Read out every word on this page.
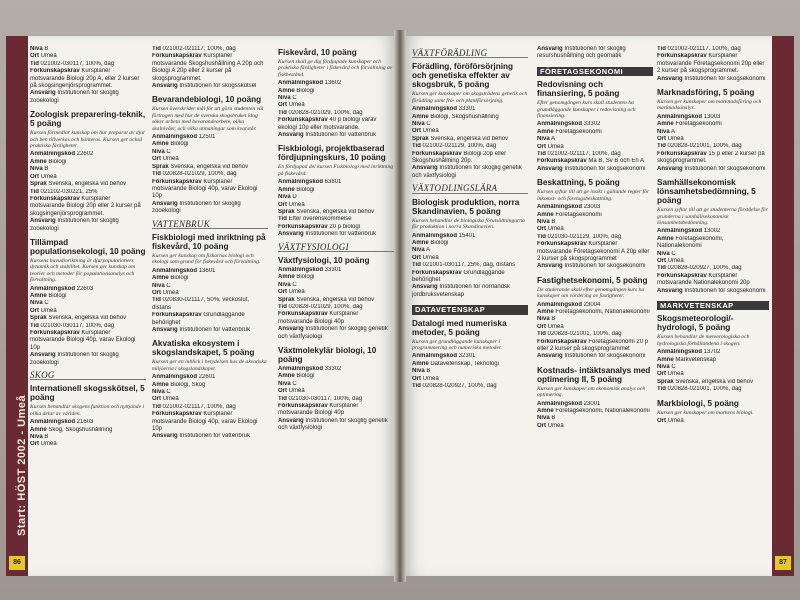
Start: HÖST 2002 - Umeå
86	87
Nivå B
Ort Umeå
Tid 021002-030117, 100%, dag
Förkunskapskrav Kursplaner motsvarande Biologi 20p A, eller 2 kurser på skogsingenjörsprogrammet.
Ansvarig Institutionen för skoglig zooekologi
Zoologisk preparering-teknik, 5 poäng

Kursen förmedlar kunskap om hur preparat av djur och ben tillverkas och hanteras. Kursen ger också praktiska färdigheter.

Anmälningskod 22602
Ämne Biologi
Nivå B
Ort Umeå
Språk Svenska, engelska vid behov
Tid 021102-030221, 25%
Förkunskapskrav Kursplaner motsvarande Biologi 20p eller 2 kurser på skogsingenjörsprogrammet.
Ansvarig Institutionen för skoglig zooekologi
Tillämpad populationsekologi, 10 poäng

Kursens huvudinriktning är djurpopulationers dynamik och stabilitet. Kursen ger kunskap om teorier och metoder för populationsanalys och förvaltning.

Anmälningskod 22603
Ämne Biologi
Nivå C
Ort Umeå
Språk Svenska, engelska vid behov
Tid 021030-030117, 100%, dag
Förkunskapskrav Kursplaner motsvarande Biologi 40p, varav Ekologi 10p
Ansvarig Institutionen för skoglig zooekologi
SKOG
Internationell skogsskötsel, 5 poäng

Kursen behandlar skogens funktion och nyttjande i olika delar av världen.

Anmälningskod 21603
Ämne Skog, Skogshushållning
Nivå B
Ort Umeå
Tid 021002-021117, 100%, dag
Förkunskapskrav Kursplaner motsvarande Skogshushållning A 20p och Biologi A 20p eller 2 kurser på skogsprogrammet.
Ansvarig Institutionen för skogsskötsel
Bevarandebiologi, 10 poäng

Kursen överskrider mål för att göra studenten väl förtrogen med hur de svenska skogsbruket idag söker arbeta med bevarandearbete, olika skalnivåer, och vilka utmaningar som kvarstår.

Anmälningskod 12501
Ämne Biologi
Nivå C
Ort Umeå
Språk Svenska, engelska vid behov
Tid 020828-021029, 100%, dag
Förkunskapskrav Kursplaner motsvarande Biologi 40p, varav Ekologi 10p
Ansvarig Institutionen för skoglig zooekologi
VATTENBRUK
Fiskbiologi med inriktning på fiskevård, 10 poäng

Kursen ger kunskap om fiskarnas biologi och ekologi som grund för fiskevård och förvaltning.

Anmälningskod 13601
Ämne Biologi
Nivå C
Ort Umeå
Tid 020830-021117, 50%, veckoslut, distans
Förkunskapskrav Grundläggande behörighet
Ansvarig Institutionen för vattenbruk
Akvatiska ekosystem i skogslandskapet, 5 poäng

Kursen ger en inblick i betydelsen hos de akvatiska miljöerna i skogslandskapet.

Anmälningskod 22601
Ämne Biologi, Skog
Nivå C
Ort Umeå
Tid 021002-021117, 100%, dag
Förkunskapskrav Kursplaner motsvarande Biologi 40p, varav Ekologi 10p
Ansvarig Institutionen för vattenbruk
Fiskevård, 10 poäng

Kursen skall ge dig fördjupade kunskaper och praktiska färdigheter i fiskevård och förvaltning av fiskbestånd.

Anmälningskod 13602
Ämne Biologi
Nivå C
Ort Umeå
Tid 020828-021029, 100%, dag
Förkunskapskrav 40 p biologi varav ekologi 10p eller motsvarande.
Ansvarig Institutionen för vattenbruk
Fiskbiologi, projektbaserad fördjupningskurs, 10 poäng

En fördjupad del kursen Fiskbiologi med inriktning på fiskevård.

Anmälningskod 63801
Ämne Biologi
Nivå D
Ort Umeå
Språk Svenska, engelska vid behov
Tid Efter överenskommelse
Förkunskapskrav 20 p biologi
Ansvarig Institutionen för vattenbruk
VÄXTFYSIOLOGI
Växtfysiologi, 10 poäng
Anmälningskod 33301
Ämne Biologi
Nivå C
Ort Umeå
Språk Svenska, engelska vid behov
Tid 020828-021029, 100%, dag
Förkunskapskrav Kursplaner motsvarande Biologi 40p
Ansvarig Institutionen för skoglig genetik och växtfysiologi
Växtmolekylär biologi, 10 poäng
Anmälningskod 33302
Ämne Biologi
Nivå C
Ort Umeå
Tid 021030-030117, 100%, dag
Förkunskapskrav Kursplaner motsvarande Biologi 40p
Ansvarig Institutionen för skoglig genetik och växtfysiologi
VÄXTFÖRÄDLING
Förädling, föröförsörjning och genetiska effekter av skogsbruk, 5 poäng

Kursen ger kunskaper om skogsträdens genetik och förädling samt frö- och plantförsörjning.

Anmälningskod 33301
Ämne Biologi, Skogshushållning
Nivå C
Ort Umeå
Språk Svenska, engelska vid behov
Tid 021002-021129, 100%, dag
Förkunskapskrav Biologi 20p eller Skogshushållning 20p.
Ansvarig Institutionen för skoglig genetik och växtfysiologi
VÄXTODLINGSLÄRA
Biologisk produktion, norra Skandinavien, 5 poäng

Kursen behandlar de biologiska förutsättningarna för produktion i norra Skandinavien.

Anmälningskod 15401
Ämne Biologi
Nivå A
Ort Umeå
Tid 021001-030117, 25%, dag, distans
Förkunskapskrav Grundläggande behörighet
Ansvarig Institutionen för norrländsk jordbruksvetenskap
DATAVETENSKAP
Datalogi med numeriska metoder, 5 poäng

Kursen ger grundläggande kunskaper i programmering och numeriska metoder.

Anmälningskod 32301
Ämne Datavetenskap, Teknologi
Nivå B
Ort Umeå
Tid 020828-020927, 100%, dag
Ansvarig Institutionen för skoglig resurshushållning och geomatik
FÖRETAGSEKONOMI
Redovisning och finansiering, 5 poäng

Efter genomgången kurs skall studenten ha grundläggande kunskaper i redovisning och finansiering.

Anmälningskod 33302
Ämne Företagsekonomi
Nivå A
Ort Umeå
Tid 021002-021117, 100%, dag
Förkunskapskrav Ma B, Sv B och En A
Ansvarig Institutionen för skogsekonomi
Beskattning, 5 poäng

Kursen syftar till att ge insikt i gällande regler för inkomst- och företagsbeskattning.

Anmälningskod 23003
Ämne Företagsekonomi
Nivå B
Ort Umeå
Tid 021030-021129, 100%, dag
Förkunskapskrav Kursplaner motsvarande Företagsekonomi A 20p eller 2 kurser på skogsprogrammet
Ansvarig Institutionen för skogsekonomi
Fastighetsekonomi, 5 poäng

De studerande skall efter genomgången kurs ha kunskaper om värdering av fastigheter.

Anmälningskod 23004
Ämne Företagsekonomi, Nationalekonomi
Nivå B
Ort Umeå
Tid 020828-021001, 100%, dag
Förkunskapskrav Företagsekonomi 20 p eller 2 kurser på skogsprogrammet
Ansvarig Institutionen för skogsekonomi
Kostnads- intäktsanalys med optimering II, 5 poäng

Kursen ger kunskaper om ekonomisk analys och optimering.

Anmälningskod 23001
Ämne Företagsekonomi, Nationalekonomi
Nivå B
Ort Umeå
Tid 021002-021117, 100%, dag
Förkunskapskrav Kursplaner motsvarande Företagsekonomi 20p eller 2 kurser på skogsprogrammet.
Ansvarig Institutionen för skogsekonomi
Marknadsföring, 5 poäng

Kursen ger kunskaper om marknadsföring och marknadsanalys.

Anmälningskod 13003
Ämne Företagsekonomi
Nivå A
Ort Umeå
Tid 020828-021001, 100%, dag
Förkunskapskrav 15 p eller 2 kurser på skogsprogrammet.
Ansvarig Institutionen för skogsekonomi
Samhällsekonomisk lönsamhetsbedömning, 5 poäng

Kursen syftar till att ge studenterna förståelse för grunderna i samhällsekonomisk lönsamhetsbedömning.

Anmälningskod 13002
Ämne Företagsekonomi, Nationalekonomi
Nivå C
Ort Umeå
Tid 020828-020927, 100%, dag
Förkunskapskrav Kursplaner motsvarande Nationalekonomi 20p
Ansvarig Institutionen för skogsekonomi
MARKVETENSKAP
Skogsmeteorologi/-hydrologi, 5 poäng

Kursen behandlar de meteorologiska och hydrologiska förhållandena i skogen.

Anmälningskod 13702
Ämne Markvetenskap
Nivå C
Ort Umeå
Språk Svenska, engelska vid behov
Tid 020828-021001, 100%, dag
Markbiologi, 5 poäng

Kursen ger kunskaper om markens biologi.

Ort Umeå
